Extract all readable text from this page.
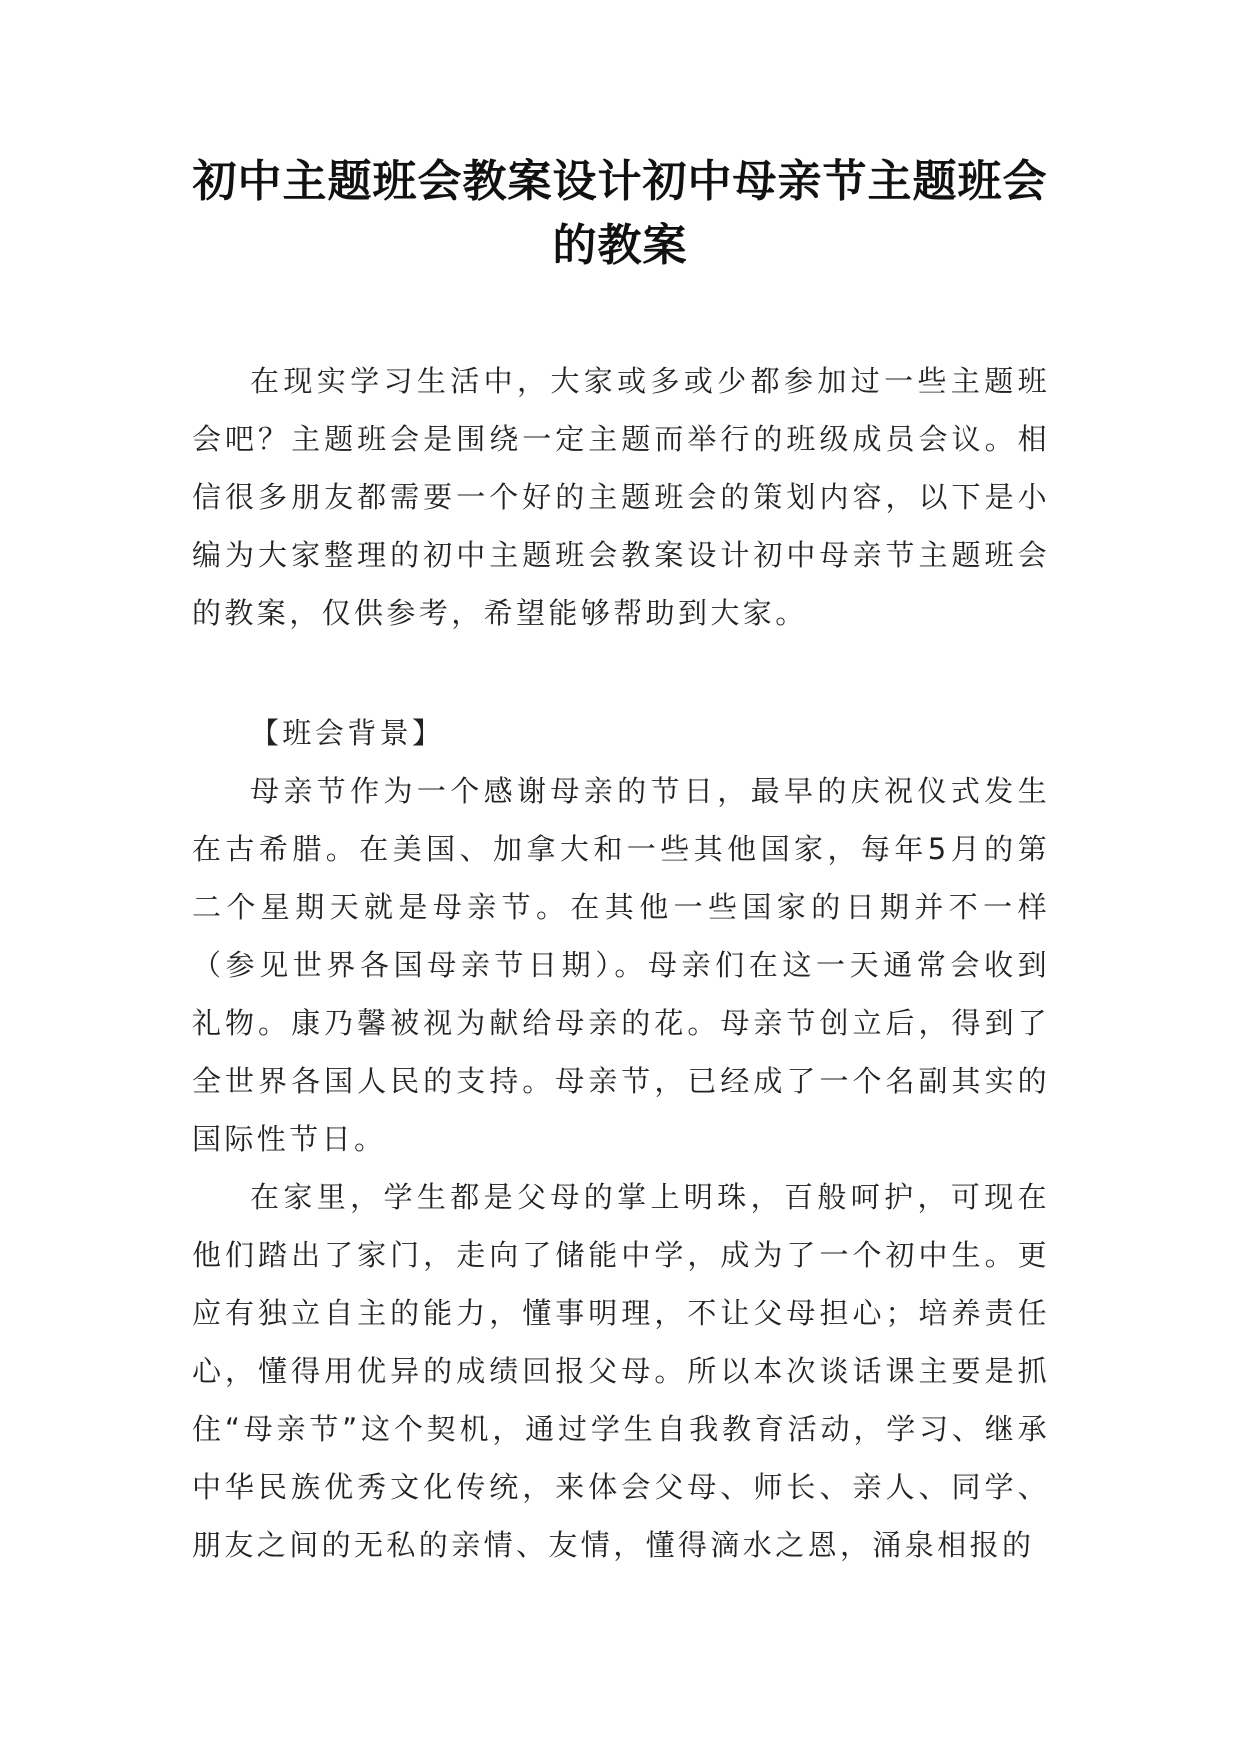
初中主题班会教案设计初中母亲节主题班会的教案

在现实学习生活中，大家或多或少都参加过一些主题班会吧？主题班会是围绕一定主题而举行的班级成员会议。相信很多朋友都需要一个好的主题班会的策划内容，以下是小编为大家整理的初中主题班会教案设计初中母亲节主题班会的教案，仅供参考，希望能够帮助到大家。

【班会背景】

母亲节作为一个感谢母亲的节日，最早的庆祝仪式发生在古希腊。在美国、加拿大和一些其他国家，每年5月的第二个星期天就是母亲节。在其他一些国家的日期并不一样（参见世界各国母亲节日期）。母亲们在这一天通常会收到礼物。康乃馨被视为献给母亲的花。母亲节创立后，得到了全世界各国人民的支持。母亲节，已经成了一个名副其实的国际性节日。

在家里，学生都是父母的掌上明珠，百般呵护，可现在他们踏出了家门，走向了储能中学，成为了一个初中生。更应有独立自主的能力，懂事明理，不让父母担心；培养责任心，懂得用优异的成绩回报父母。所以本次谈话课主要是抓住“母亲节”这个契机，通过学生自我教育活动，学习、继承中华民族优秀文化传统，来体会父母、师长、亲人、同学、朋友之间的无私的亲情、友情，懂得滴水之恩，涌泉相报的
